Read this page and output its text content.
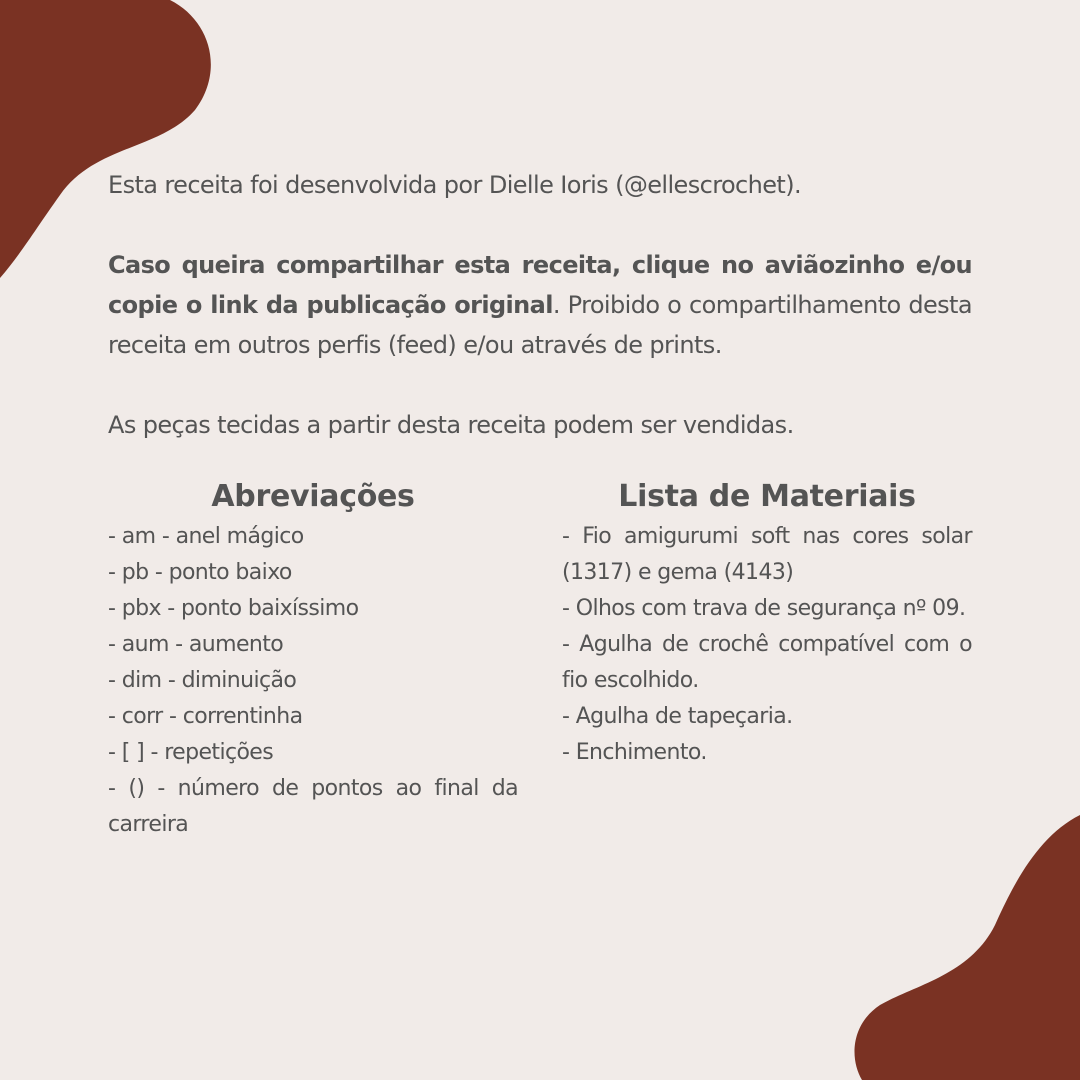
Esta receita foi desenvolvida por Dielle Ioris (@ellescrochet).

Caso queira compartilhar esta receita, clique no aviãozinho e/ou copie o link da publicação original. Proibido o compartilhamento desta receita em outros perfis (feed) e/ou através de prints.

As peças tecidas a partir desta receita podem ser vendidas.

Abreviações
- am - anel mágico
- pb - ponto baixo
- pbx - ponto baixíssimo
- aum - aumento
- dim - diminuição
- corr - correntinha
- [ ] - repetições
- () - número de pontos ao final da carreira
Lista de Materiais
- Fio amigurumi soft nas cores solar (1317) e gema (4143)
- Olhos com trava de segurança nº 09.
- Agulha de crochê compatível com o fio escolhido.
- Agulha de tapeçaria.
- Enchimento.
